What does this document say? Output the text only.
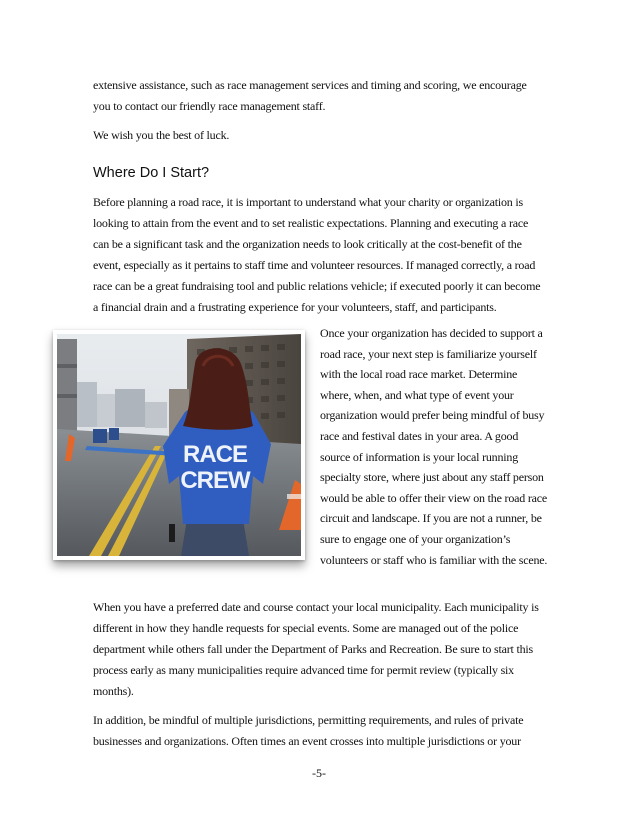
extensive assistance, such as race management services and timing and scoring, we encourage you to contact our friendly race management staff.

We wish you the best of luck.

Where Do I Start?

Before planning a road race, it is important to understand what your charity or organization is looking to attain from the event and to set realistic expectations. Planning and executing a race can be a significant task and the organization needs to look critically at the cost-benefit of the event, especially as it pertains to staff time and volunteer resources. If managed correctly, a road race can be a great fundraising tool and public relations vehicle; if executed poorly it can become a financial drain and a frustrating experience for your volunteers, staff, and participants.

RACE
CREW

Once your organization has decided to support a road race, your next step is familiarize yourself with the local road race market. Determine where, when, and what type of event your organization would prefer being mindful of busy race and festival dates in your area. A good source of information is your local running specialty store, where just about any staff person would be able to offer their view on the road race circuit and landscape. If you are not a runner, be sure to engage one of your organization’s volunteers or staff who is familiar with the scene.

When you have a preferred date and course contact your local municipality. Each municipality is different in how they handle requests for special events. Some are managed out of the police department while others fall under the Department of Parks and Recreation. Be sure to start this process early as many municipalities require advanced time for permit review (typically six months).

In addition, be mindful of multiple jurisdictions, permitting requirements, and rules of private businesses and organizations. Often times an event crosses into multiple jurisdictions or your

-5-
